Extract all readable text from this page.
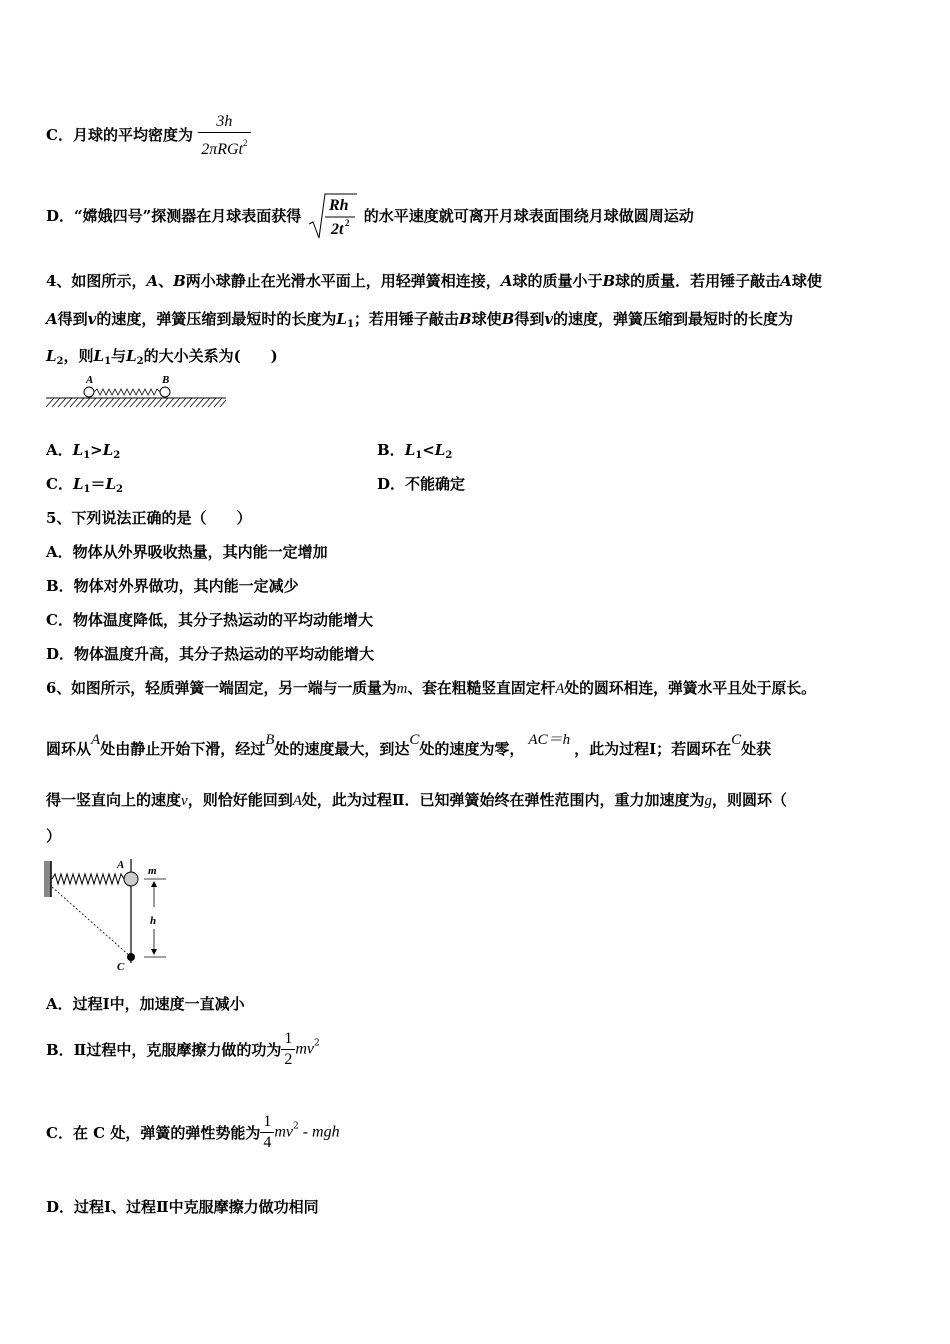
C．月球的平均密度为 $\frac{3h}{2\pi RGt^2}$
D．“嫦娥四号”探测器在月球表面获得
Rh
2t 2 的水平速度就可离开月球表面围绕月球做圆周运动
4、如图所示，A、B两小球静止在光滑水平面上，用轻弹簧相连接，A球的质量小于B球的质量．若用锤子敲击A球使
A得到v的速度，弹簧压缩到最短时的长度为$L_1$；若用锤子敲击B球使B得到v的速度，弹簧压缩到最短时的长度为
$L_2$，则$L_1$与$L_2$的大小关系为(　　)
A	B
A．$L_1>L_2$	B．$L_1<L_2$
C．$L_1=L_2$	D．不能确定
5、下列说法正确的是（　　）
A．物体从外界吸收热量，其内能一定增加
B．物体对外界做功，其内能一定减少
C．物体温度降低，其分子热运动的平均动能增大
D．物体温度升高，其分子热运动的平均动能增大
6、如图所示，轻质弹簧一端固定，另一端与一质量为m、套在粗糙竖直固定杆A处的圆环相连，弹簧水平且处于原长。
圆环从A处由静止开始下滑，经过B处的速度最大，到达C处的速度为零， AC＝h ，此为过程Ⅰ；若圆环在C处获
得一竖直向上的速度v，则恰好能回到A处，此为过程Ⅱ．已知弹簧始终在弹性范围内，重力加速度为g，则圆环（
）
A m
h
C
A．过程Ⅰ中，加速度一直减小
B．Ⅱ过程中，克服摩擦力做的功为 $\frac{1}{2} mv^2$
C．在 C 处，弹簧的弹性势能为 $\frac{1}{4} mv^2$ - mgh
D．过程Ⅰ、过程Ⅱ中克服摩擦力做功相同
